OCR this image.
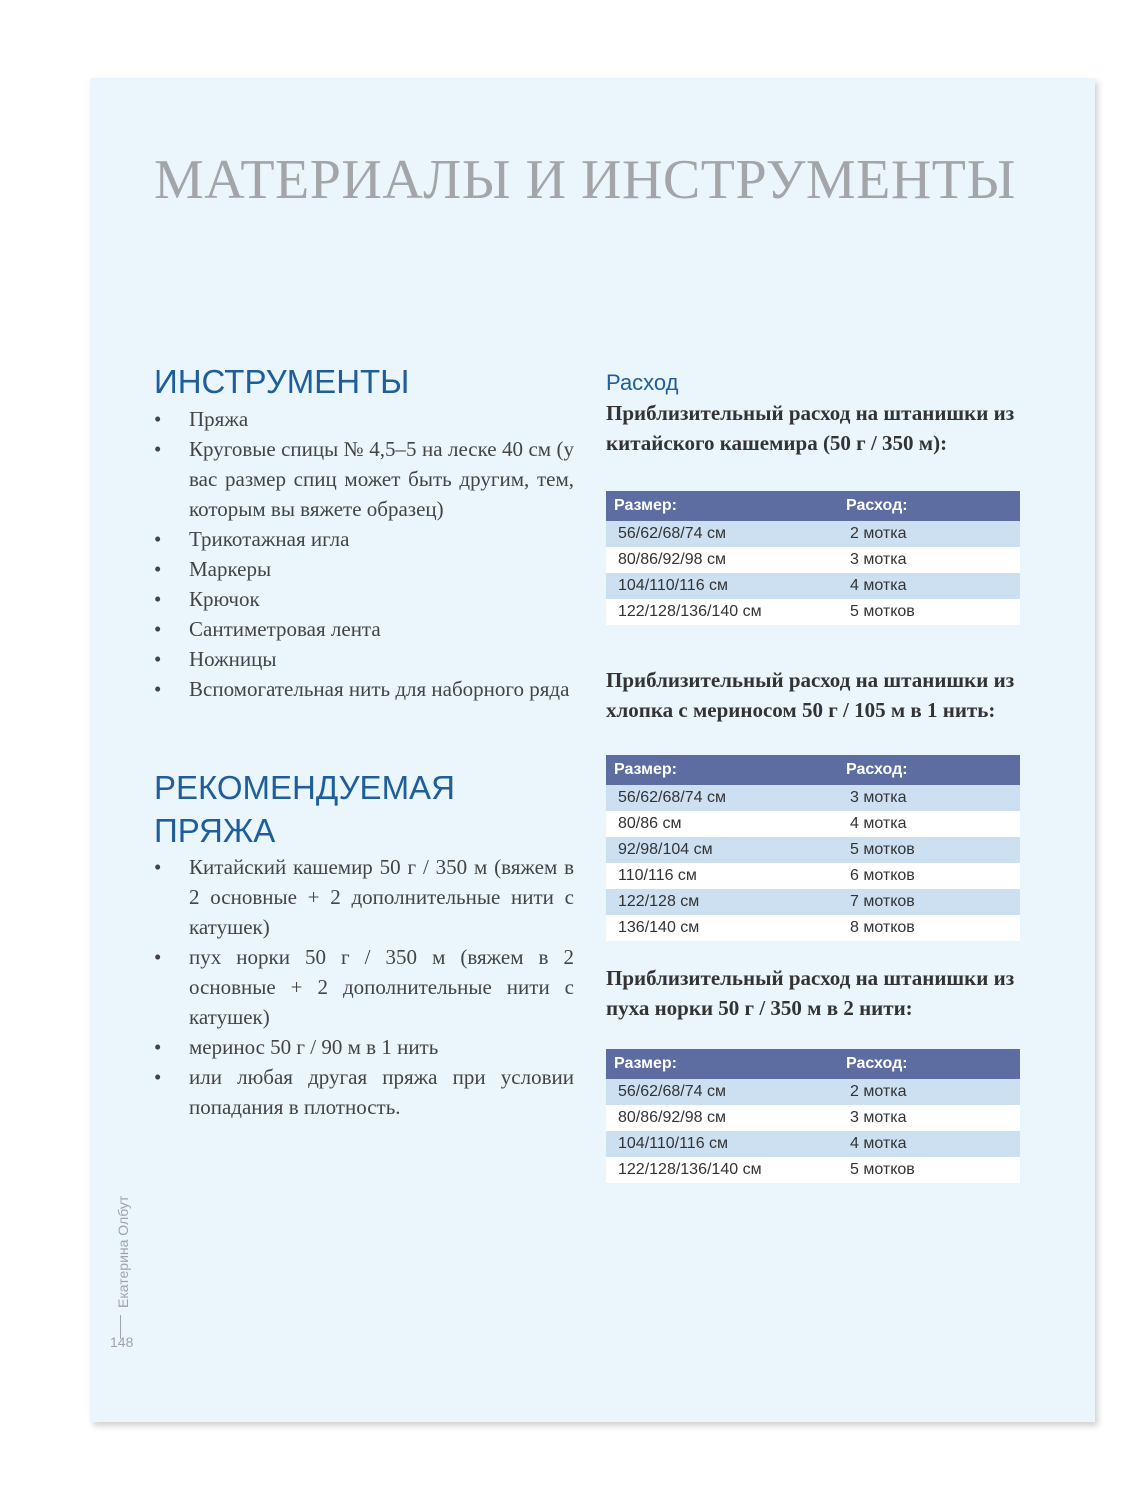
МАТЕРИАЛЫ И ИНСТРУМЕНТЫ
ИНСТРУМЕНТЫ
• Пряжа
• Круговые спицы № 4,5–5 на леске 40 см (у вас размер спиц может быть другим, тем, которым вы вяжете образец)
• Трикотажная игла
• Маркеры
• Крючок
• Сантиметровая лента
• Ножницы
• Вспомогательная нить для наборного ряда
РЕКОМЕНДУЕМАЯ
ПРЯЖА
• Китайский кашемир 50 г / 350 м (вяжем в 2 основные + 2 дополнительные нити с катушек)
• пух норки 50 г / 350 м (вяжем в 2 основные + 2 дополнительные нити с катушек)
• меринос 50 г / 90 м в 1 нить
• или любая другая пряжа при условии попадания в плотность.
Расход

Приблизительный расход на штанишки из китайского кашемира (50 г / 350 м):

Размер:	Расход:
56/62/68/74 см	2 мотка
80/86/92/98 см	3 мотка
104/110/116 см	4 мотка
122/128/136/140 см	5 мотков

Приблизительный расход на штанишки из хлопка с мериносом 50 г / 105 м в 1 нить:

Размер:	Расход:
56/62/68/74 см	3 мотка
80/86 см	4 мотка
92/98/104 см	5 мотков
110/116 см	6 мотков
122/128 см	7 мотков
136/140 см	8 мотков

Приблизительный расход на штанишки из пуха норки 50 г / 350 м в 2 нити:

Размер:	Расход:
56/62/68/74 см	2 мотка
80/86/92/98 см	3 мотка
104/110/116 см	4 мотка
122/128/136/140 см	5 мотков
Екатерина Олбут
148
